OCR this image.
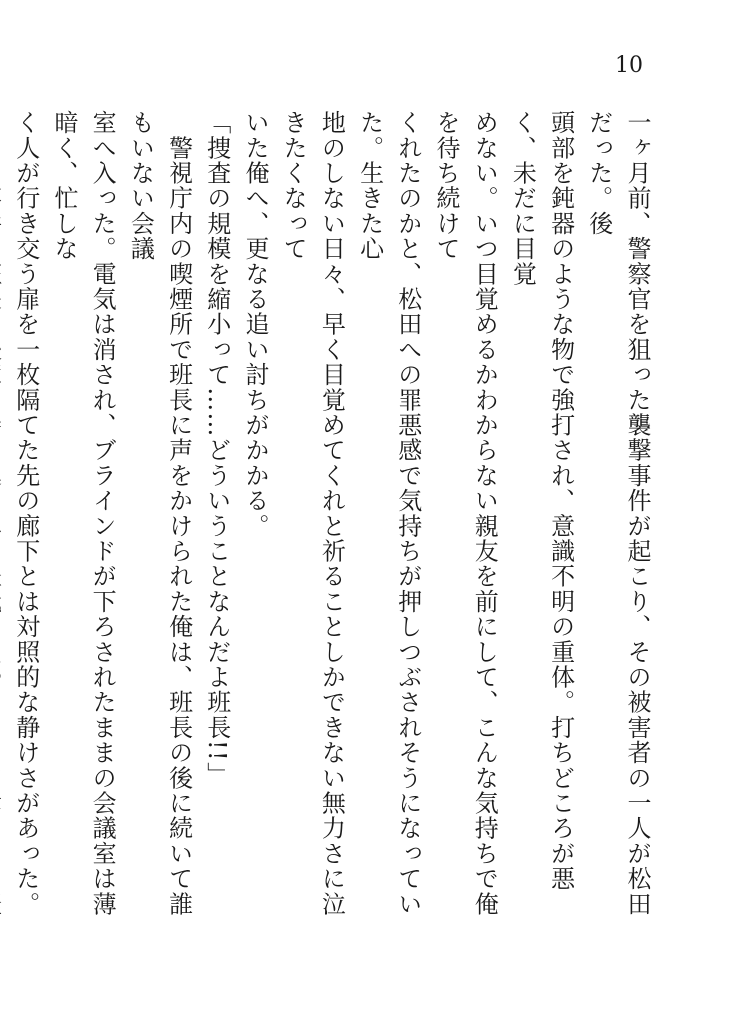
10

一ヶ月前、警察官を狙った襲撃事件が起こり、その被害者の一人が松田だった。後

頭部を鈍器のような物で強打され、意識不明の重体。打ちどころが悪く、未だに目覚

めない。いつ目覚めるかわからない親友を前にして、こんな気持ちで俺を待ち続けて

くれたのかと、松田への罪悪感で気持ちが押しつぶされそうになっていた。生きた心

地のしない日々、早く目覚めてくれと祈ることしかできない無力さに泣きたくなって

いた俺へ、更なる追い討ちがかかる。

「捜査の規模を縮小って……どういうことなんだよ班長!!」

　警視庁内の喫煙所で班長に声をかけられた俺は、班長の後に続いて誰もいない会議

室へ入った。電気は消され、ブラインドが下ろされたままの会議室は薄暗く、忙しな

く人が行き交う扉を一枚隔てた先の廊下とは対照的な静けさがあった。
